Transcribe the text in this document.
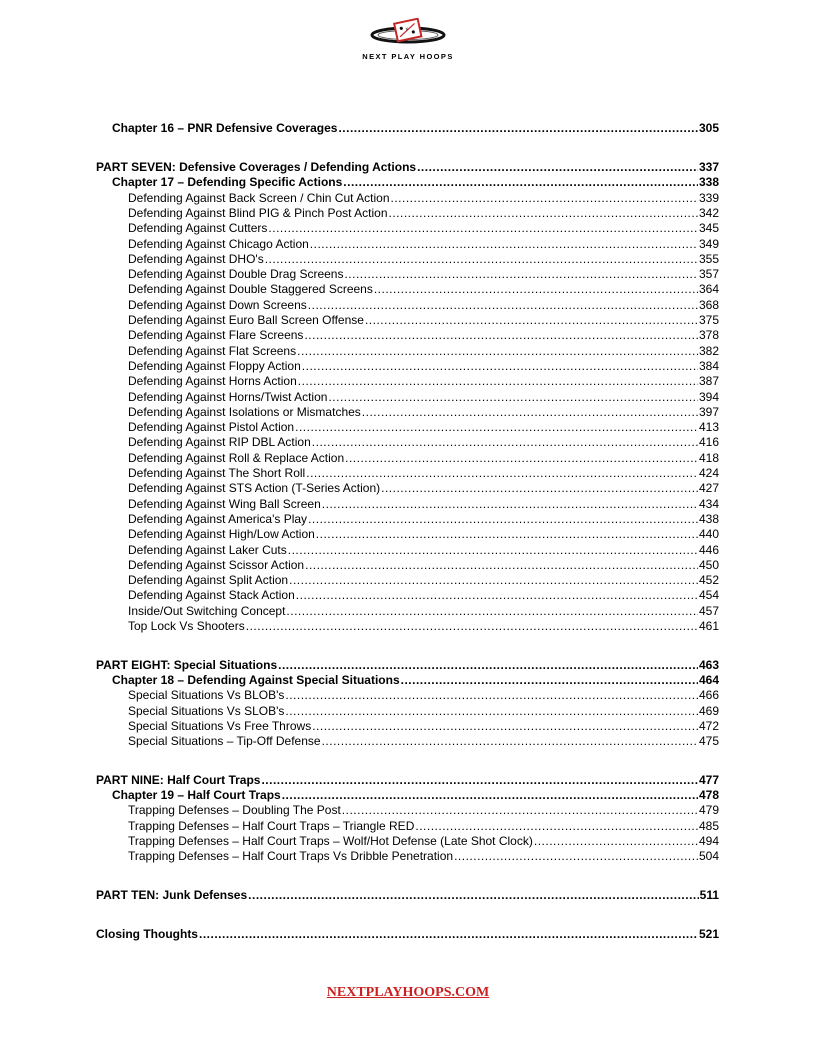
x
NEXT PLAY HOOPS
Chapter 16 – PNR Defensive Coverages .....	305
PART SEVEN: Defensive Coverages / Defending Actions .....	337
Chapter 17 – Defending Specific Actions .....	338
Defending Against Back Screen / Chin Cut Action .....	339
Defending Against Blind PIG & Pinch Post Action .....	342
Defending Against Cutters .....	345
Defending Against Chicago Action .....	349
Defending Against DHO's .....	355
Defending Against Double Drag Screens .....	357
Defending Against Double Staggered Screens .....	364
Defending Against Down Screens .....	368
Defending Against Euro Ball Screen Offense .....	375
Defending Against Flare Screens .....	378
Defending Against Flat Screens .....	382
Defending Against Floppy Action .....	384
Defending Against Horns Action .....	387
Defending Against Horns/Twist Action .....	394
Defending Against Isolations or Mismatches .....	397
Defending Against Pistol Action .....	413
Defending Against RIP DBL Action .....	416
Defending Against Roll & Replace Action .....	418
Defending Against The Short Roll .....	424
Defending Against STS Action (T-Series Action) .....	427
Defending Against Wing Ball Screen .....	434
Defending Against America's Play .....	438
Defending Against High/Low Action .....	440
Defending Against Laker Cuts .....	446
Defending Against Scissor Action .....	450
Defending Against Split Action .....	452
Defending Against Stack Action .....	454
Inside/Out Switching Concept .....	457
Top Lock Vs Shooters .....	461
PART EIGHT: Special Situations .....	463
Chapter 18 – Defending Against Special Situations .....	464
Special Situations Vs BLOB's .....	466
Special Situations Vs SLOB's .....	469
Special Situations Vs Free Throws .....	472
Special Situations – Tip-Off Defense .....	475
PART NINE: Half Court Traps .....	477
Chapter 19 – Half Court Traps .....	478
Trapping Defenses – Doubling The Post .....	479
Trapping Defenses – Half Court Traps – Triangle RED .....	485
Trapping Defenses – Half Court Traps – Wolf/Hot Defense (Late Shot Clock) .....	494
Trapping Defenses – Half Court Traps Vs Dribble Penetration .....	504
PART TEN: Junk Defenses .....	511
Closing Thoughts .....	521
NEXTPLAYHOOPS.COM
